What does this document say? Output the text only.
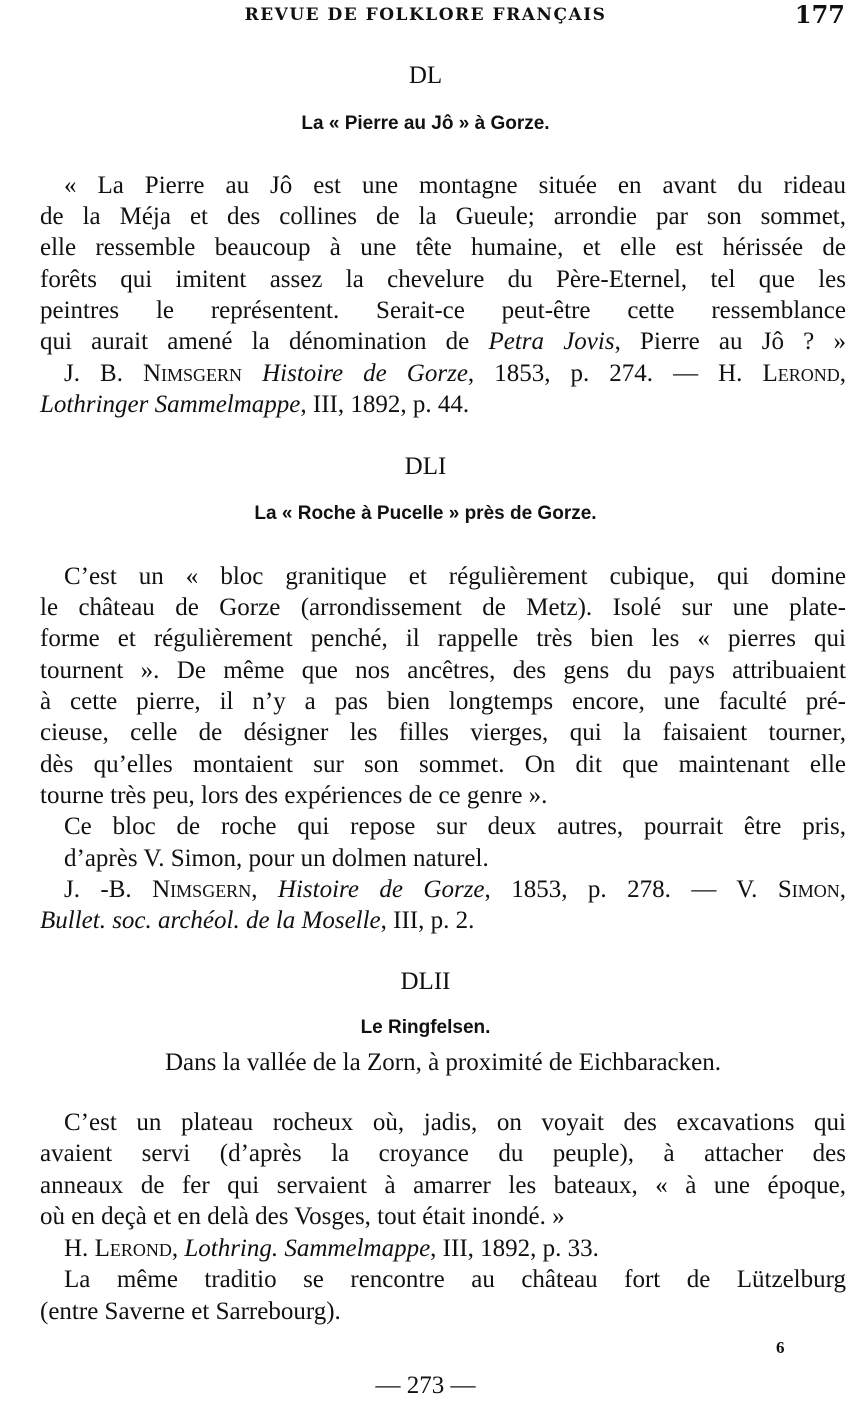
REVUE DE FOLKLORE FRANÇAIS	177
DL
La « Pierre au Jô » à Gorze.
« La Pierre au Jô est une montagne située en avant du rideau
de la Méja et des collines de la Gueule; arrondie par son sommet,
elle ressemble beaucoup à une tête humaine, et elle est hérissée de
forêts qui imitent assez la chevelure du Père-Eternel, tel que les
peintres le représentent. Serait-ce peut-être cette ressemblance
qui aurait amené la dénomination de Petra Jovis, Pierre au Jô ? »
J. B. Nimsgern Histoire de Gorze, 1853, p. 274. — H. Lerond,
Lothringer Sammelmappe, III, 1892, p. 44.
DLI
La « Roche à Pucelle » près de Gorze.
C’est un « bloc granitique et régulièrement cubique, qui domine
le château de Gorze (arrondissement de Metz). Isolé sur une plate-
forme et régulièrement penché, il rappelle très bien les « pierres qui
tournent ». De même que nos ancêtres, des gens du pays attribuaient
à cette pierre, il n’y a pas bien longtemps encore, une faculté pré-
cieuse, celle de désigner les filles vierges, qui la faisaient tourner,
dès qu’elles montaient sur son sommet. On dit que maintenant elle
tourne très peu, lors des expériences de ce genre ».
Ce bloc de roche qui repose sur deux autres, pourrait être pris,
d’après V. Simon, pour un dolmen naturel.
J. -B. Nimsgern, Histoire de Gorze, 1853, p. 278. — V. Simon,
Bullet. soc. archéol. de la Moselle, III, p. 2.
DLII
Le Ringfelsen.
Dans la vallée de la Zorn, à proximité de Eichbaracken.
C’est un plateau rocheux où, jadis, on voyait des excavations qui
avaient servi (d’après la croyance du peuple), à attacher des
anneaux de fer qui servaient à amarrer les bateaux, « à une époque,
où en deçà et en delà des Vosges, tout était inondé. »
H. Lerond, Lothring. Sammelmappe, III, 1892, p. 33.
La même traditio se rencontre au château fort de Lützelburg
(entre Saverne et Sarrebourg).
6
— 273 —
